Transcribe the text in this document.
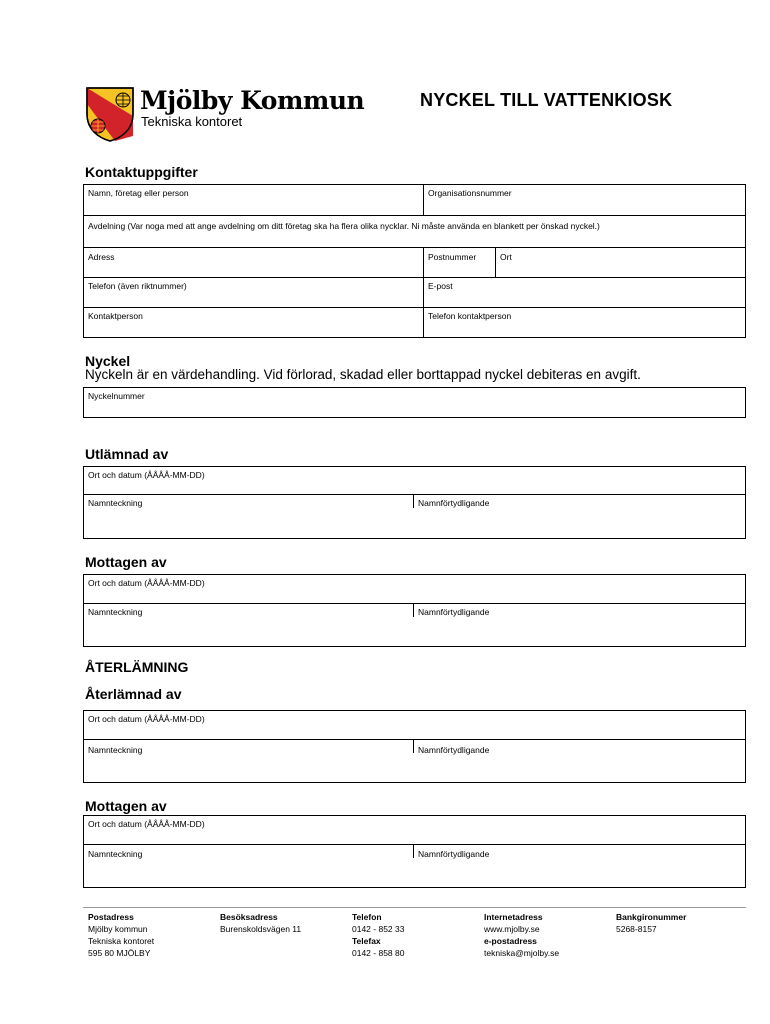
Mjölby Kommun
Tekniska kontoret
NYCKEL TILL VATTENKIOSK
Kontaktuppgifter
Namn, företag eller person	Organisationsnummer
Avdelning (Var noga med att ange avdelning om ditt företag ska ha flera olika nycklar. Ni måste använda en blankett per önskad nyckel.)
Adress	Postnummer	Ort
Telefon (även riktnummer)	E-post
Kontaktperson	Telefon kontaktperson
Nyckel
Nyckeln är en värdehandling. Vid förlorad, skadad eller borttappad nyckel debiteras en avgift.
Nyckelnummer
Utlämnad av
Ort och datum (ÅÅÅÅ-MM-DD)
Namnteckning	Namnförtydligande
Mottagen av
Ort och datum (ÅÅÅÅ-MM-DD)
Namnteckning	Namnförtydligande
ÅTERLÄMNING
Återlämnad av
Ort och datum (ÅÅÅÅ-MM-DD)
Namnteckning	Namnförtydligande
Mottagen av
Ort och datum (ÅÅÅÅ-MM-DD)
Namnteckning	Namnförtydligande
Postadress
Mjölby kommun
Tekniska kontoret
595 80 MJÖLBY
Besöksadress
Burenskoldsvägen 11
Telefon
0142 - 852 33
Telefax
0142 - 858 80
Internetadress
www.mjolby.se
e-postadress
tekniska@mjolby.se
Bankgironummer
5268-8157
